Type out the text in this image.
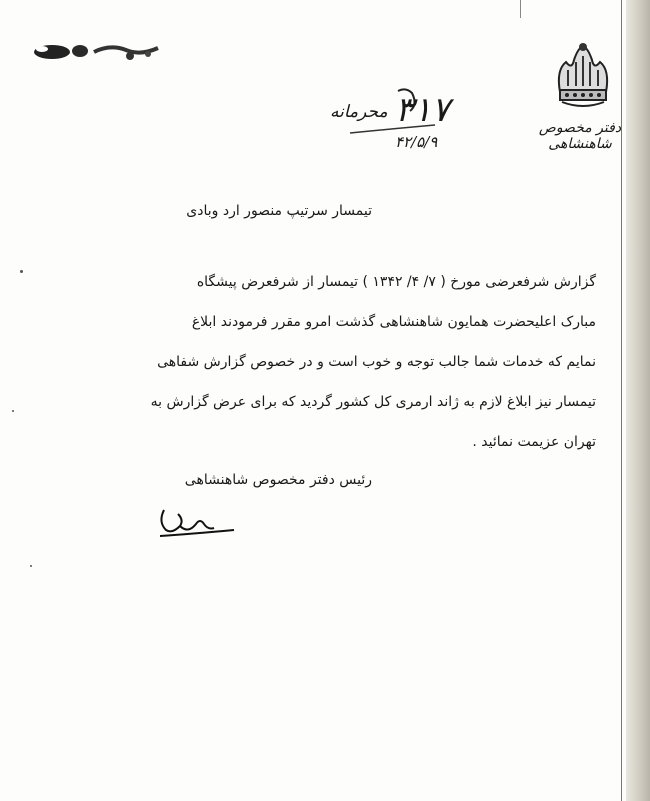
دفتر مخصوص شاهنشاهی
۳۱۷
محرمانه
۴۲/۵/۹
تیمسار سرتیپ منصور ارد وبادی

گزارش شرفعرضی مورخ ( ۷/ ۴/ ۱۳۴۲ ) تیمسار از شرفعرض پیشگاه

مبارک اعلیحضرت همایون شاهنشاهی گذشت امرو مقرر فرمودند ابلاغ

نمایم که خدمات شما جالب توجه و خوب است و در خصوص گزارش شفاهی

تیمسار نیز ابلاغ لازم به ژاند ارمری کل کشور گردید که برای عرض گزارش به

تهران عزیمت نمائید .

رئیس دفتر مخصوص شاهنشاهی
